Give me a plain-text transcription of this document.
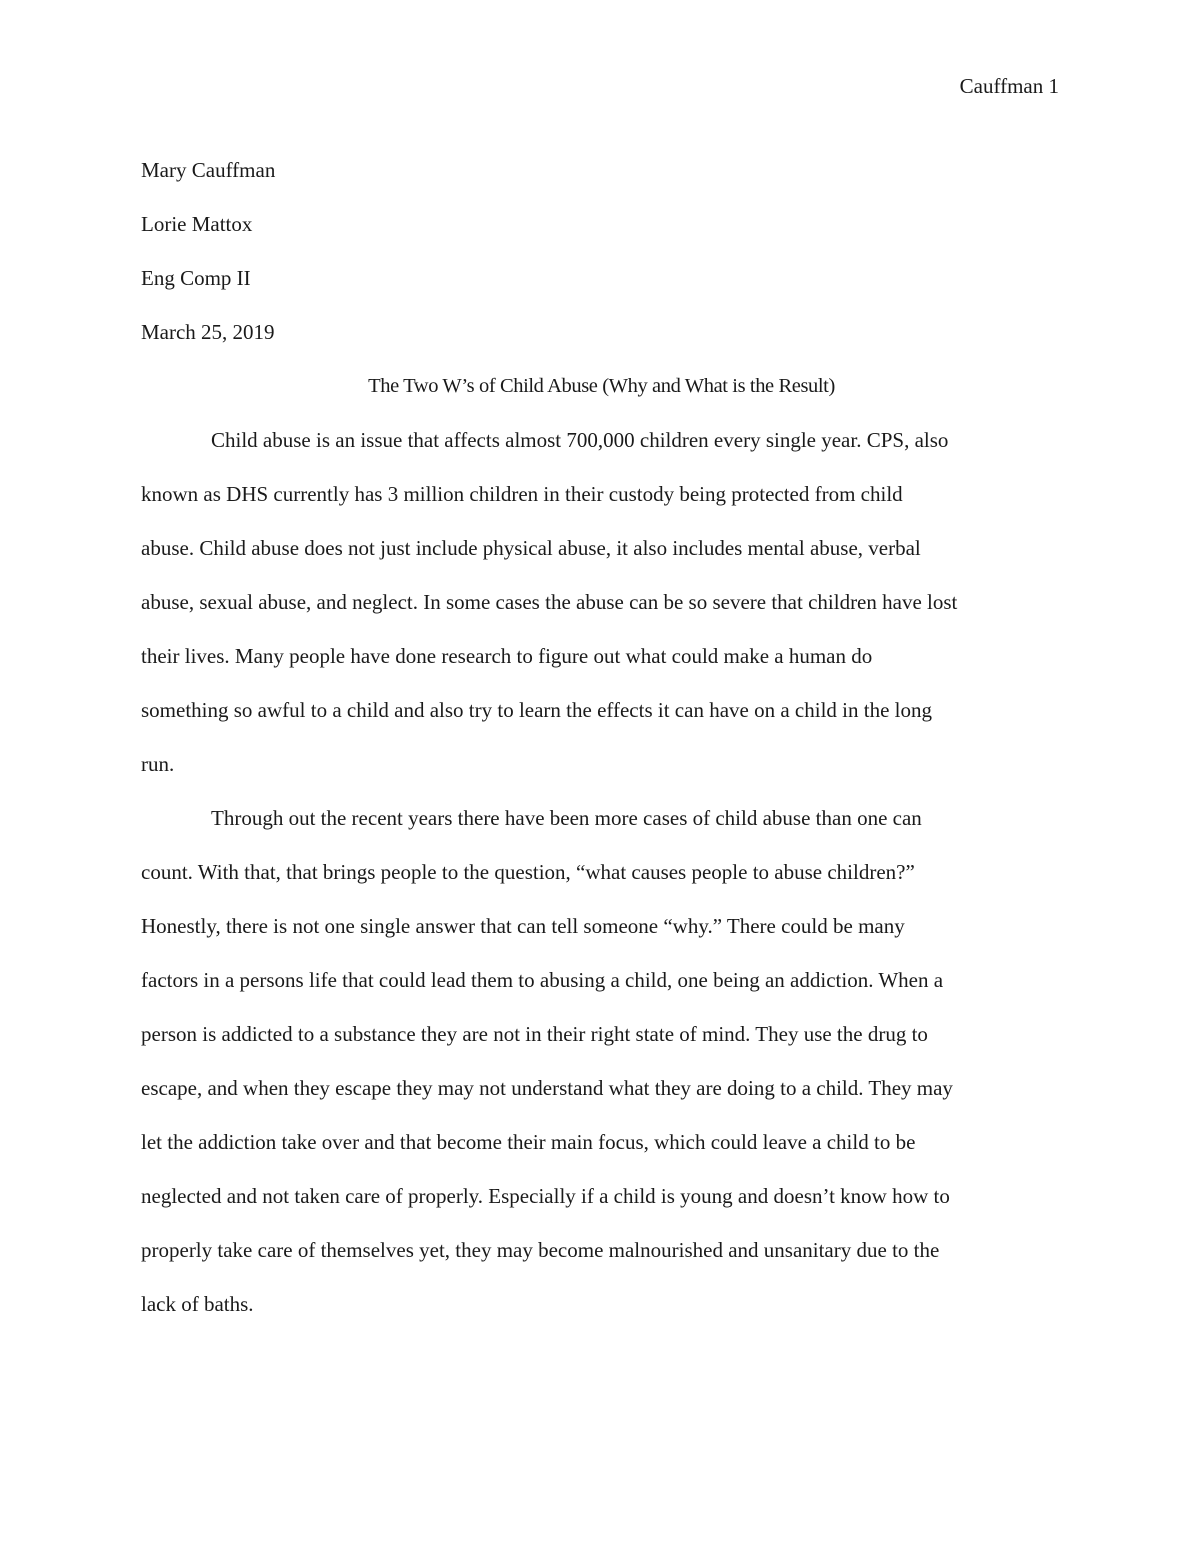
Cauffman 1

Mary Cauffman

Lorie Mattox

Eng Comp II

March 25, 2019

The Two W’s of Child Abuse (Why and What is the Result)

Child abuse is an issue that affects almost 700,000 children every single year. CPS, also

known as DHS currently has 3 million children in their custody being protected from child

abuse. Child abuse does not just include physical abuse, it also includes mental abuse, verbal

abuse, sexual abuse, and neglect. In some cases the abuse can be so severe that children have lost

their lives. Many people have done research to figure out what could make a human do

something so awful to a child and also try to learn the effects it can have on a child in the long

run.

Through out the recent years there have been more cases of child abuse than one can

count. With that, that brings people to the question, “what causes people to abuse children?”

Honestly, there is not one single answer that can tell someone “why.” There could be many

factors in a persons life that could lead them to abusing a child, one being an addiction. When a

person is addicted to a substance they are not in their right state of mind. They use the drug to

escape, and when they escape they may not understand what they are doing to a child. They may

let the addiction take over and that become their main focus, which could leave a child to be

neglected and not taken care of properly. Especially if a child is young and doesn’t know how to

properly take care of themselves yet, they may become malnourished and unsanitary due to the

lack of baths.
